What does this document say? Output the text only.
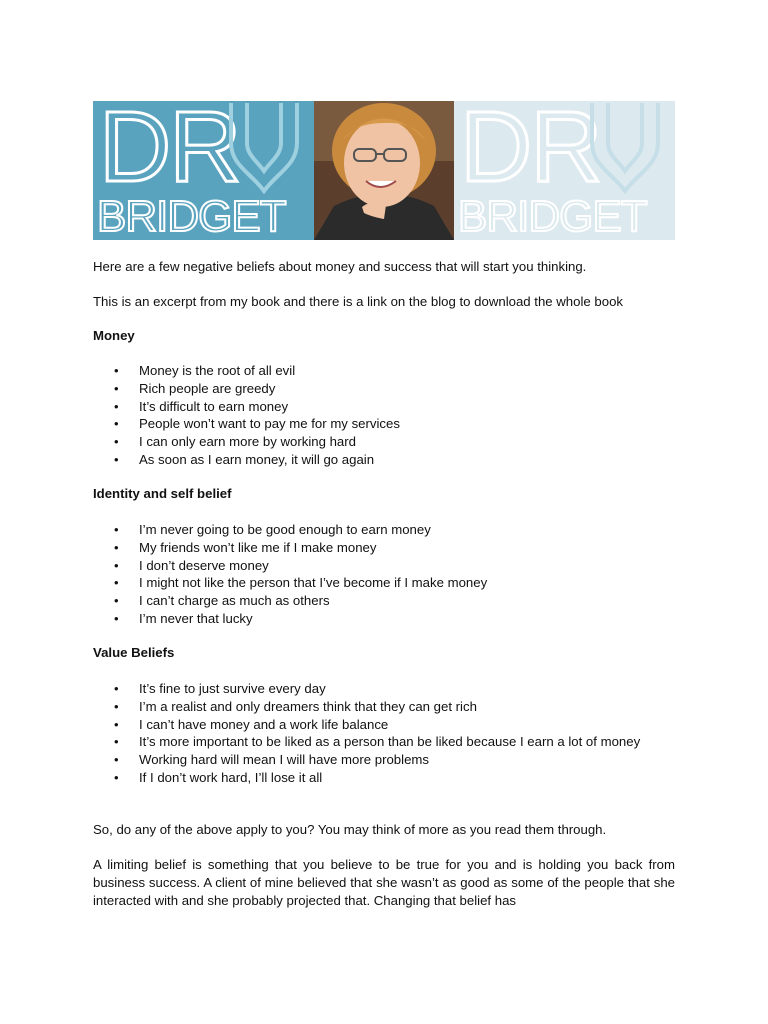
DR
BRIDGET
DR
BRIDGET

Here are a few negative beliefs about money and success that will start you thinking.

This is an excerpt from my book and there is a link on the blog to download the whole book

Money

• Money is the root of all evil
• Rich people are greedy
• It’s difficult to earn money
• People won’t want to pay me for my services
• I can only earn more by working hard
• As soon as I earn money, it will go again

Identity and self belief

• I’m never going to be good enough to earn money
• My friends won’t like me if I make money
• I don’t deserve money
• I might not like the person that I’ve become if I make money
• I can’t charge as much as others
• I’m never that lucky

Value Beliefs

• It’s fine to just survive every day
• I’m a realist and only dreamers think that they can get rich
• I can’t have money and a work life balance
• It’s more important to be liked as a person than be liked because I earn a lot of money
• Working hard will mean I will have more problems
• If I don’t work hard, I’ll lose it all

So, do any of the above apply to you? You may think of more as you read them through.

A limiting belief is something that you believe to be true for you and is holding you back from business success. A client of mine believed that she wasn’t as good as some of the people that she interacted with and she probably projected that. Changing that belief has
